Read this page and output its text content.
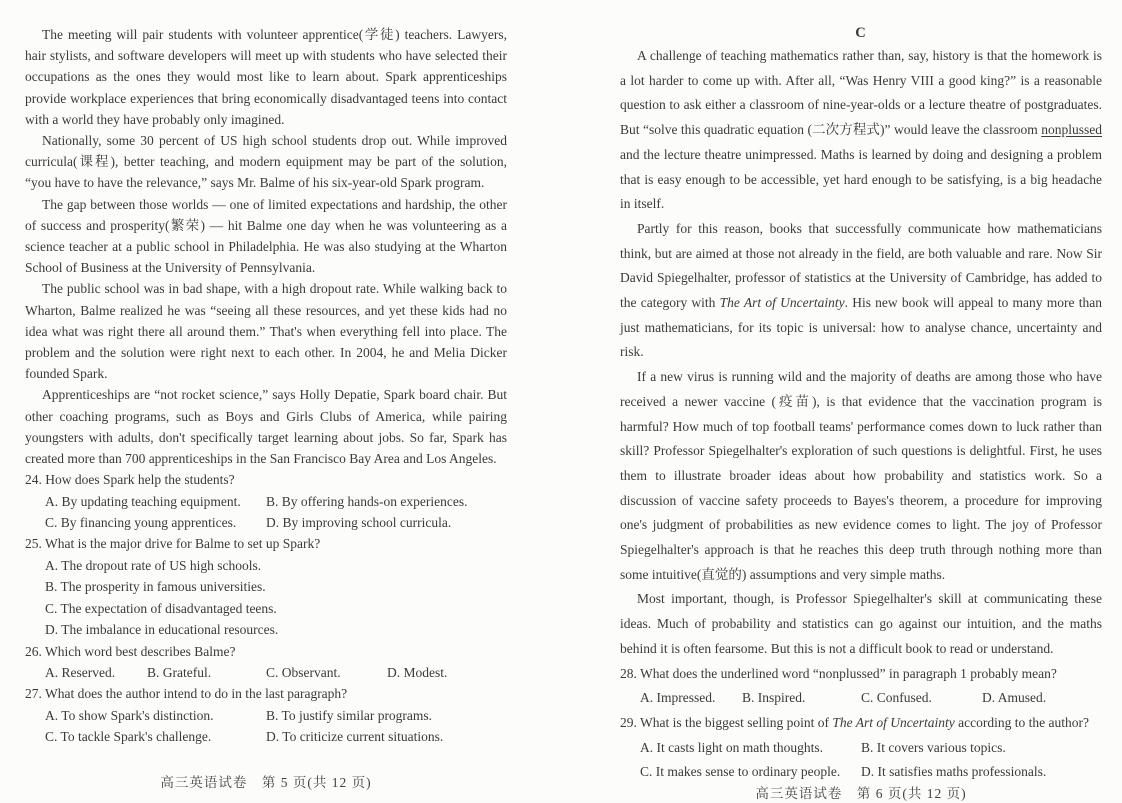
The meeting will pair students with volunteer apprentice(学徒) teachers. Lawyers, hair stylists, and software developers will meet up with students who have selected their occupations as the ones they would most like to learn about. Spark apprenticeships provide workplace experiences that bring economically disadvantaged teens into contact with a world they have probably only imagined.

Nationally, some 30 percent of US high school students drop out. While improved curricula(课程), better teaching, and modern equipment may be part of the solution, “you have to have the relevance,” says Mr. Balme of his six-year-old Spark program.

The gap between those worlds — one of limited expectations and hardship, the other of success and prosperity(繁荣) — hit Balme one day when he was volunteering as a science teacher at a public school in Philadelphia. He was also studying at the Wharton School of Business at the University of Pennsylvania.

The public school was in bad shape, with a high dropout rate. While walking back to Wharton, Balme realized he was “seeing all these resources, and yet these kids had no idea what was right there all around them.” That's when everything fell into place. The problem and the solution were right next to each other. In 2004, he and Melia Dicker founded Spark.

Apprenticeships are “not rocket science,” says Holly Depatie, Spark board chair. But other coaching programs, such as Boys and Girls Clubs of America, while pairing youngsters with adults, don't specifically target learning about jobs. So far, Spark has created more than 700 apprenticeships in the San Francisco Bay Area and Los Angeles.

24. How does Spark help the students?
A. By updating teaching equipment.	B. By offering hands-on experiences.
C. By financing young apprentices.	D. By improving school curricula.
25. What is the major drive for Balme to set up Spark?
A. The dropout rate of US high schools.
B. The prosperity in famous universities.
C. The expectation of disadvantaged teens.
D. The imbalance in educational resources.
26. Which word best describes Balme?
A. Reserved.	B. Grateful.	C. Observant.	D. Modest.
27. What does the author intend to do in the last paragraph?
A. To show Spark's distinction.	B. To justify similar programs.
C. To tackle Spark's challenge.	D. To criticize current situations.
高三英语试卷　第 5 页(共 12 页)
C

A challenge of teaching mathematics rather than, say, history is that the homework is a lot harder to come up with. After all, “Was Henry VIII a good king?” is a reasonable question to ask either a classroom of nine-year-olds or a lecture theatre of postgraduates. But “solve this quadratic equation (二次方程式)” would leave the classroom nonplussed and the lecture theatre unimpressed. Maths is learned by doing and designing a problem that is easy enough to be accessible, yet hard enough to be satisfying, is a big headache in itself.

Partly for this reason, books that successfully communicate how mathematicians think, but are aimed at those not already in the field, are both valuable and rare. Now Sir David Spiegelhalter, professor of statistics at the University of Cambridge, has added to the category with The Art of Uncertainty. His new book will appeal to many more than just mathematicians, for its topic is universal: how to analyse chance, uncertainty and risk.

If a new virus is running wild and the majority of deaths are among those who have received a newer vaccine (疫苗), is that evidence that the vaccination program is harmful? How much of top football teams' performance comes down to luck rather than skill? Professor Spiegelhalter's exploration of such questions is delightful. First, he uses them to illustrate broader ideas about how probability and statistics work. So a discussion of vaccine safety proceeds to Bayes's theorem, a procedure for improving one's judgment of probabilities as new evidence comes to light. The joy of Professor Spiegelhalter's approach is that he reaches this deep truth through nothing more than some intuitive(直觉的) assumptions and very simple maths.

Most important, though, is Professor Spiegelhalter's skill at communicating these ideas. Much of probability and statistics can go against our intuition, and the maths behind it is often fearsome. But this is not a difficult book to read or understand.

28. What does the underlined word “nonplussed” in paragraph 1 probably mean?
A. Impressed.	B. Inspired.	C. Confused.	D. Amused.
29. What is the biggest selling point of The Art of Uncertainty according to the author?
A. It casts light on math thoughts.	B. It covers various topics.
C. It makes sense to ordinary people.	D. It satisfies maths professionals.
高三英语试卷　第 6 页(共 12 页)
